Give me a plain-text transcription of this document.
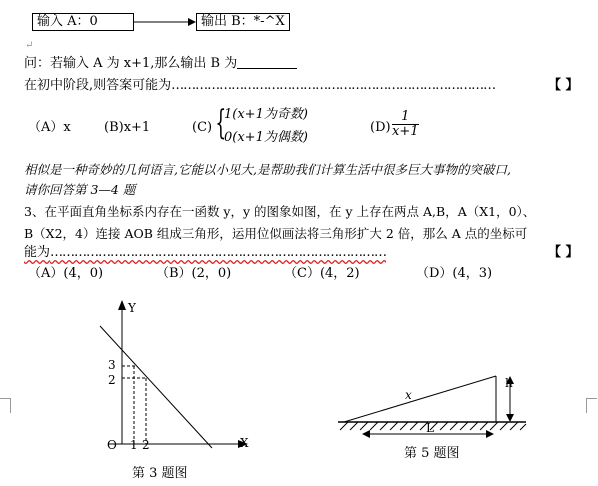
输入 A：0	输出 B：*-^X
↵
问：若输入 A 为 x+1,那么输出 B 为
在初中阶段,则答案可能为………………………………………………………………………	【 】
（A）x	(B)x+1	(C) {
1(x+1为奇数)
0(x+1为偶数)
$(D) \frac{1}{x+1}$
相似是一种奇妙的几何语言,它能以小见大,是帮助我们计算生活中很多巨大事物的突破口,
请你回答第 3—4 题
3、在平面直角坐标系内存在一函数 y，y 的图象如图，在 y 上存在两点 A,B，A（X1，0）、
B（X2，4）连接 AOB 组成三角形，运用位似画法将三角形扩大 2 倍，那么 A 点的坐标可
能为…………………………………………………………………………	【 】
（A）(4，0)	（B）(2，0)	（C）(4，2)	（D）(4，3)
Y
X
O 1 2
3
2
第 3 题图
x
h
L
第 5 题图
